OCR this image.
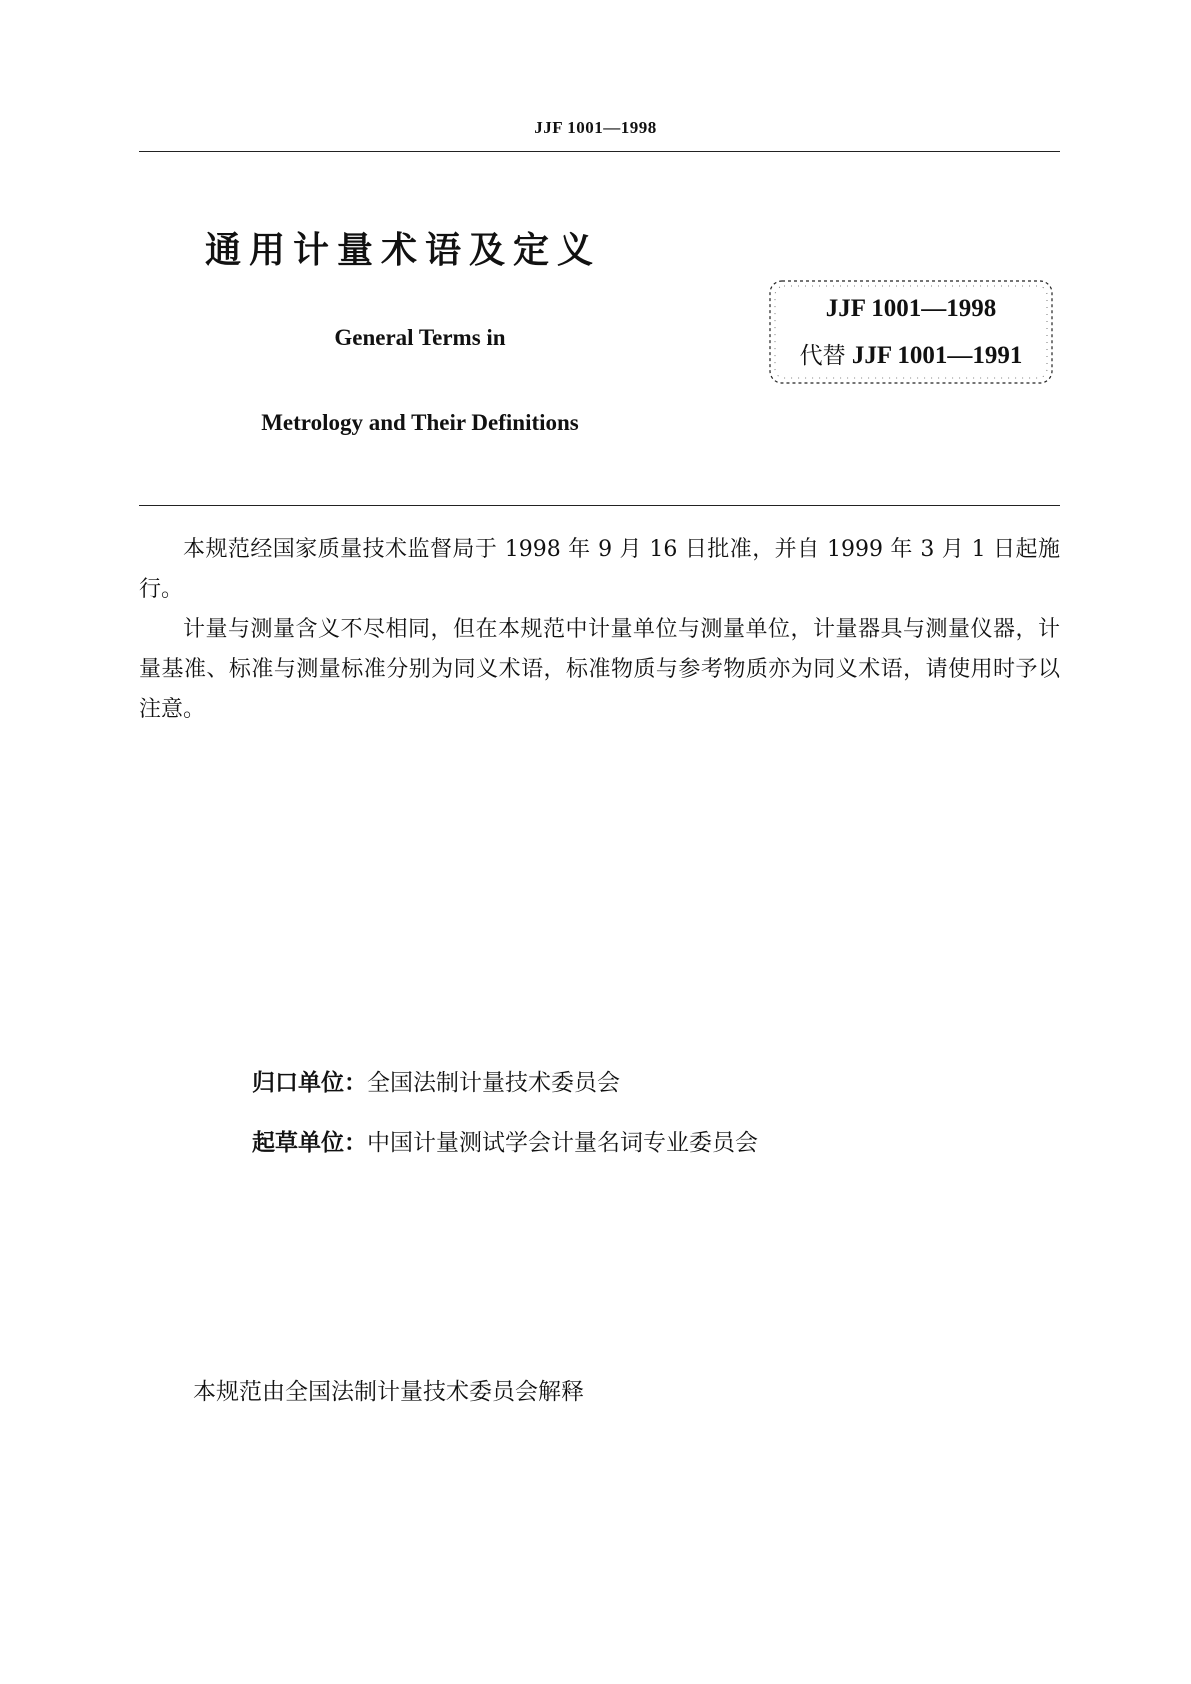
JJF 1001—1998
通用计量术语及定义
General Terms in
Metrology and Their Definitions
JJF 1001—1998
代替 JJF 1001—1991

本规范经国家质量技术监督局于 1998 年 9 月 16 日批准，并自 1999 年 3 月 1 日起施行。

计量与测量含义不尽相同，但在本规范中计量单位与测量单位，计量器具与测量仪器，计量基准、标准与测量标准分别为同义术语，标准物质与参考物质亦为同义术语，请使用时予以注意。

归口单位：全国法制计量技术委员会
起草单位：中国计量测试学会计量名词专业委员会
本规范由全国法制计量技术委员会解释
